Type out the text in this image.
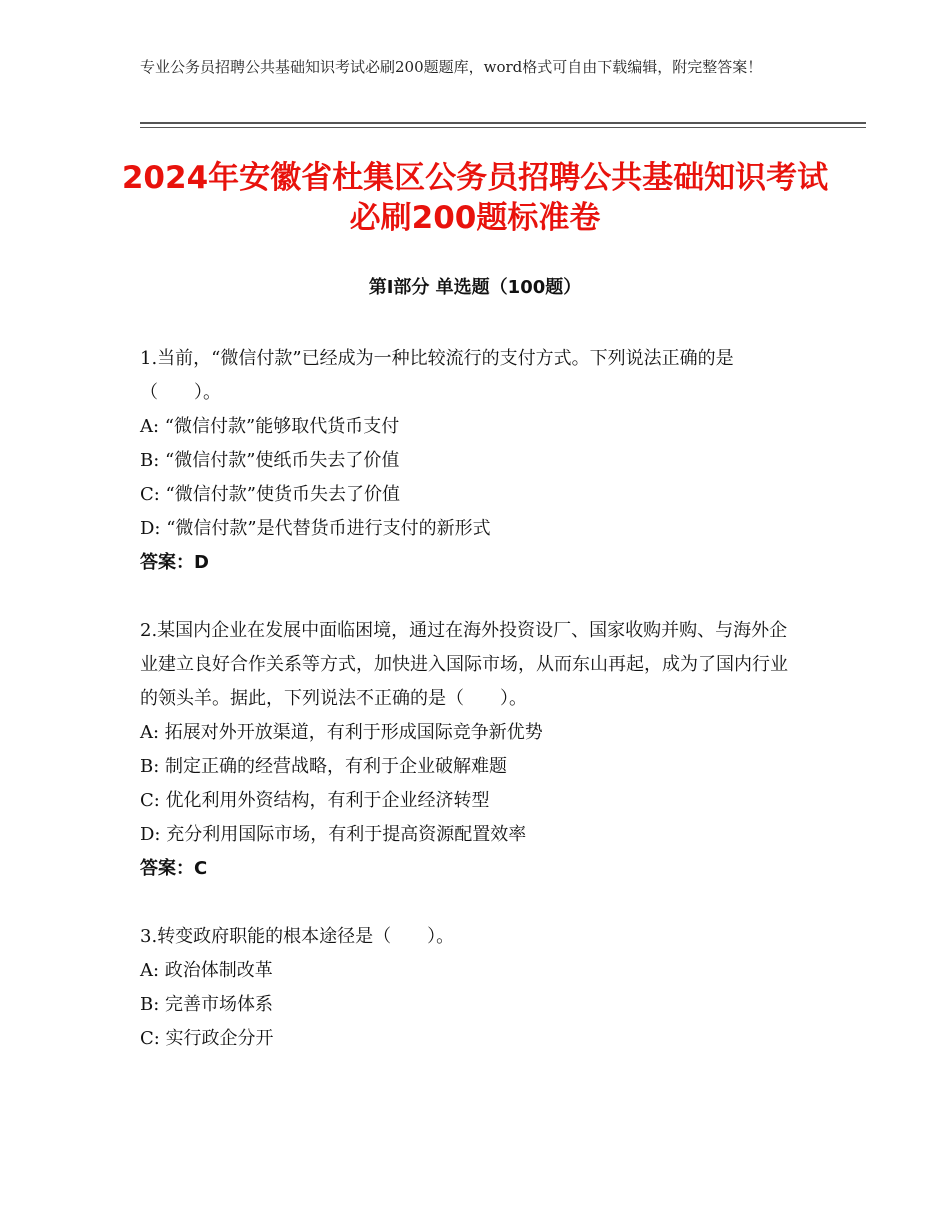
专业公务员招聘公共基础知识考试必刷200题题库，word格式可自由下载编辑，附完整答案！
2024年安徽省杜集区公务员招聘公共基础知识考试必刷200题标准卷
第Ⅰ部分 单选题（100题）

1.当前，“微信付款”已经成为一种比较流行的支付方式。下列说法正确的是（　　）。

A: “微信付款”能够取代货币支付

B: “微信付款”使纸币失去了价值

C: “微信付款”使货币失去了价值

D: “微信付款”是代替货币进行支付的新形式

答案：D

2.某国内企业在发展中面临困境，通过在海外投资设厂、国家收购并购、与海外企业建立良好合作关系等方式，加快进入国际市场，从而东山再起，成为了国内行业的领头羊。据此，下列说法不正确的是（　　）。

A: 拓展对外开放渠道，有利于形成国际竞争新优势

B: 制定正确的经营战略，有利于企业破解难题

C: 优化利用外资结构，有利于企业经济转型

D: 充分利用国际市场，有利于提高资源配置效率

答案：C

3.转变政府职能的根本途径是（　　）。

A: 政治体制改革

B: 完善市场体系

C: 实行政企分开
